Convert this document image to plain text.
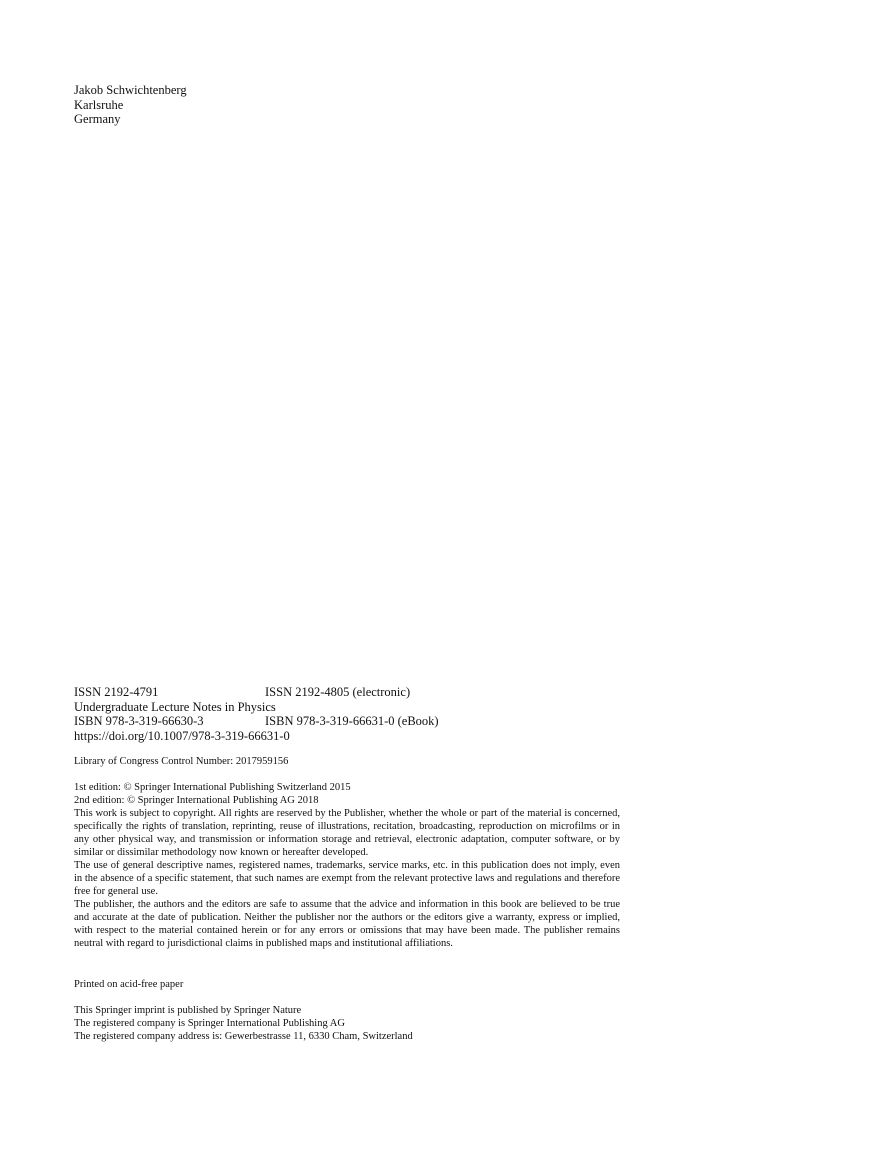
Jakob Schwichtenberg
Karlsruhe
Germany
ISSN 2192-4791	ISSN 2192-4805 (electronic)
Undergraduate Lecture Notes in Physics
ISBN 978-3-319-66630-3	ISBN 978-3-319-66631-0 (eBook)
https://doi.org/10.1007/978-3-319-66631-0
Library of Congress Control Number: 2017959156
1st edition: © Springer International Publishing Switzerland 2015
2nd edition: © Springer International Publishing AG 2018

This work is subject to copyright. All rights are reserved by the Publisher, whether the whole or part of the material is concerned, specifically the rights of translation, reprinting, reuse of illustrations, recitation, broadcasting, reproduction on microfilms or in any other physical way, and transmission or information storage and retrieval, electronic adaptation, computer software, or by similar or dissimilar methodology now known or hereafter developed.

The use of general descriptive names, registered names, trademarks, service marks, etc. in this publication does not imply, even in the absence of a specific statement, that such names are exempt from the relevant protective laws and regulations and therefore free for general use.

The publisher, the authors and the editors are safe to assume that the advice and information in this book are believed to be true and accurate at the date of publication. Neither the publisher nor the authors or the editors give a warranty, express or implied, with respect to the material contained herein or for any errors or omissions that may have been made. The publisher remains neutral with regard to jurisdictional claims in published maps and institutional affiliations.

Printed on acid-free paper
This Springer imprint is published by Springer Nature
The registered company is Springer International Publishing AG
The registered company address is: Gewerbestrasse 11, 6330 Cham, Switzerland
